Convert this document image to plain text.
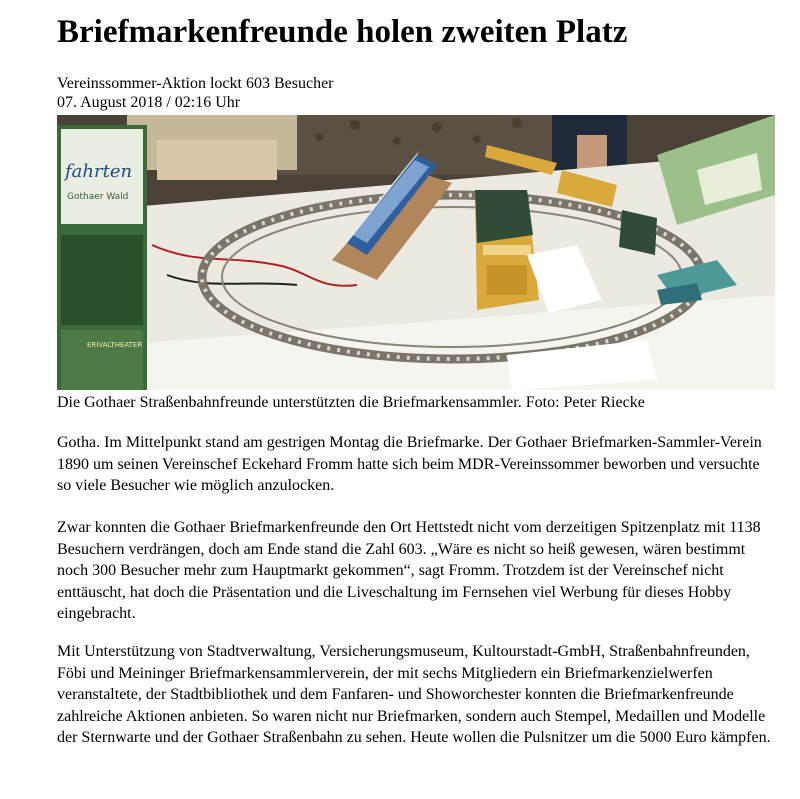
Briefmarkenfreunde holen zweiten Platz
Vereinssommer-Aktion lockt 603 Besucher
07. August 2018 / 02:16 Uhr
fahrten
Gothaer Wald
ERIVALTHEATER
Die Gothaer Straßenbahnfreunde unterstützten die Briefmarkensammler. Foto: Peter Riecke

Gotha. Im Mittelpunkt stand am gestrigen Montag die Briefmarke. Der Gothaer Briefmarken-Sammler-Verein 1890 um seinen Vereinschef Eckehard Fromm hatte sich beim MDR-Vereinssommer beworben und versuchte so viele Besucher wie möglich anzulocken.

Zwar konnten die Gothaer Briefmarkenfreunde den Ort Hettstedt nicht vom derzeitigen Spitzenplatz mit 1138 Besuchern verdrängen, doch am Ende stand die Zahl 603. „Wäre es nicht so heiß gewesen, wären bestimmt noch 300 Besucher mehr zum Hauptmarkt gekommen“, sagt Fromm. Trotzdem ist der Vereinschef nicht enttäuscht, hat doch die Präsentation und die Liveschaltung im Fernsehen viel Werbung für dieses Hobby eingebracht.

Mit Unterstützung von Stadtverwaltung, Versicherungsmuseum, Kultourstadt-GmbH, Straßenbahnfreunden, Föbi und Meininger Briefmarkensammlerverein, der mit sechs Mitgliedern ein Briefmarkenzielwerfen veranstaltete, der Stadtbibliothek und dem Fanfaren- und Showorchester konnten die Briefmarkenfreunde zahlreiche Aktionen anbieten. So waren nicht nur Briefmarken, sondern auch Stempel, Medaillen und Modelle der Sternwarte und der Gothaer Straßenbahn zu sehen. Heute wollen die Pulsnitzer um die 5000 Euro kämpfen.
